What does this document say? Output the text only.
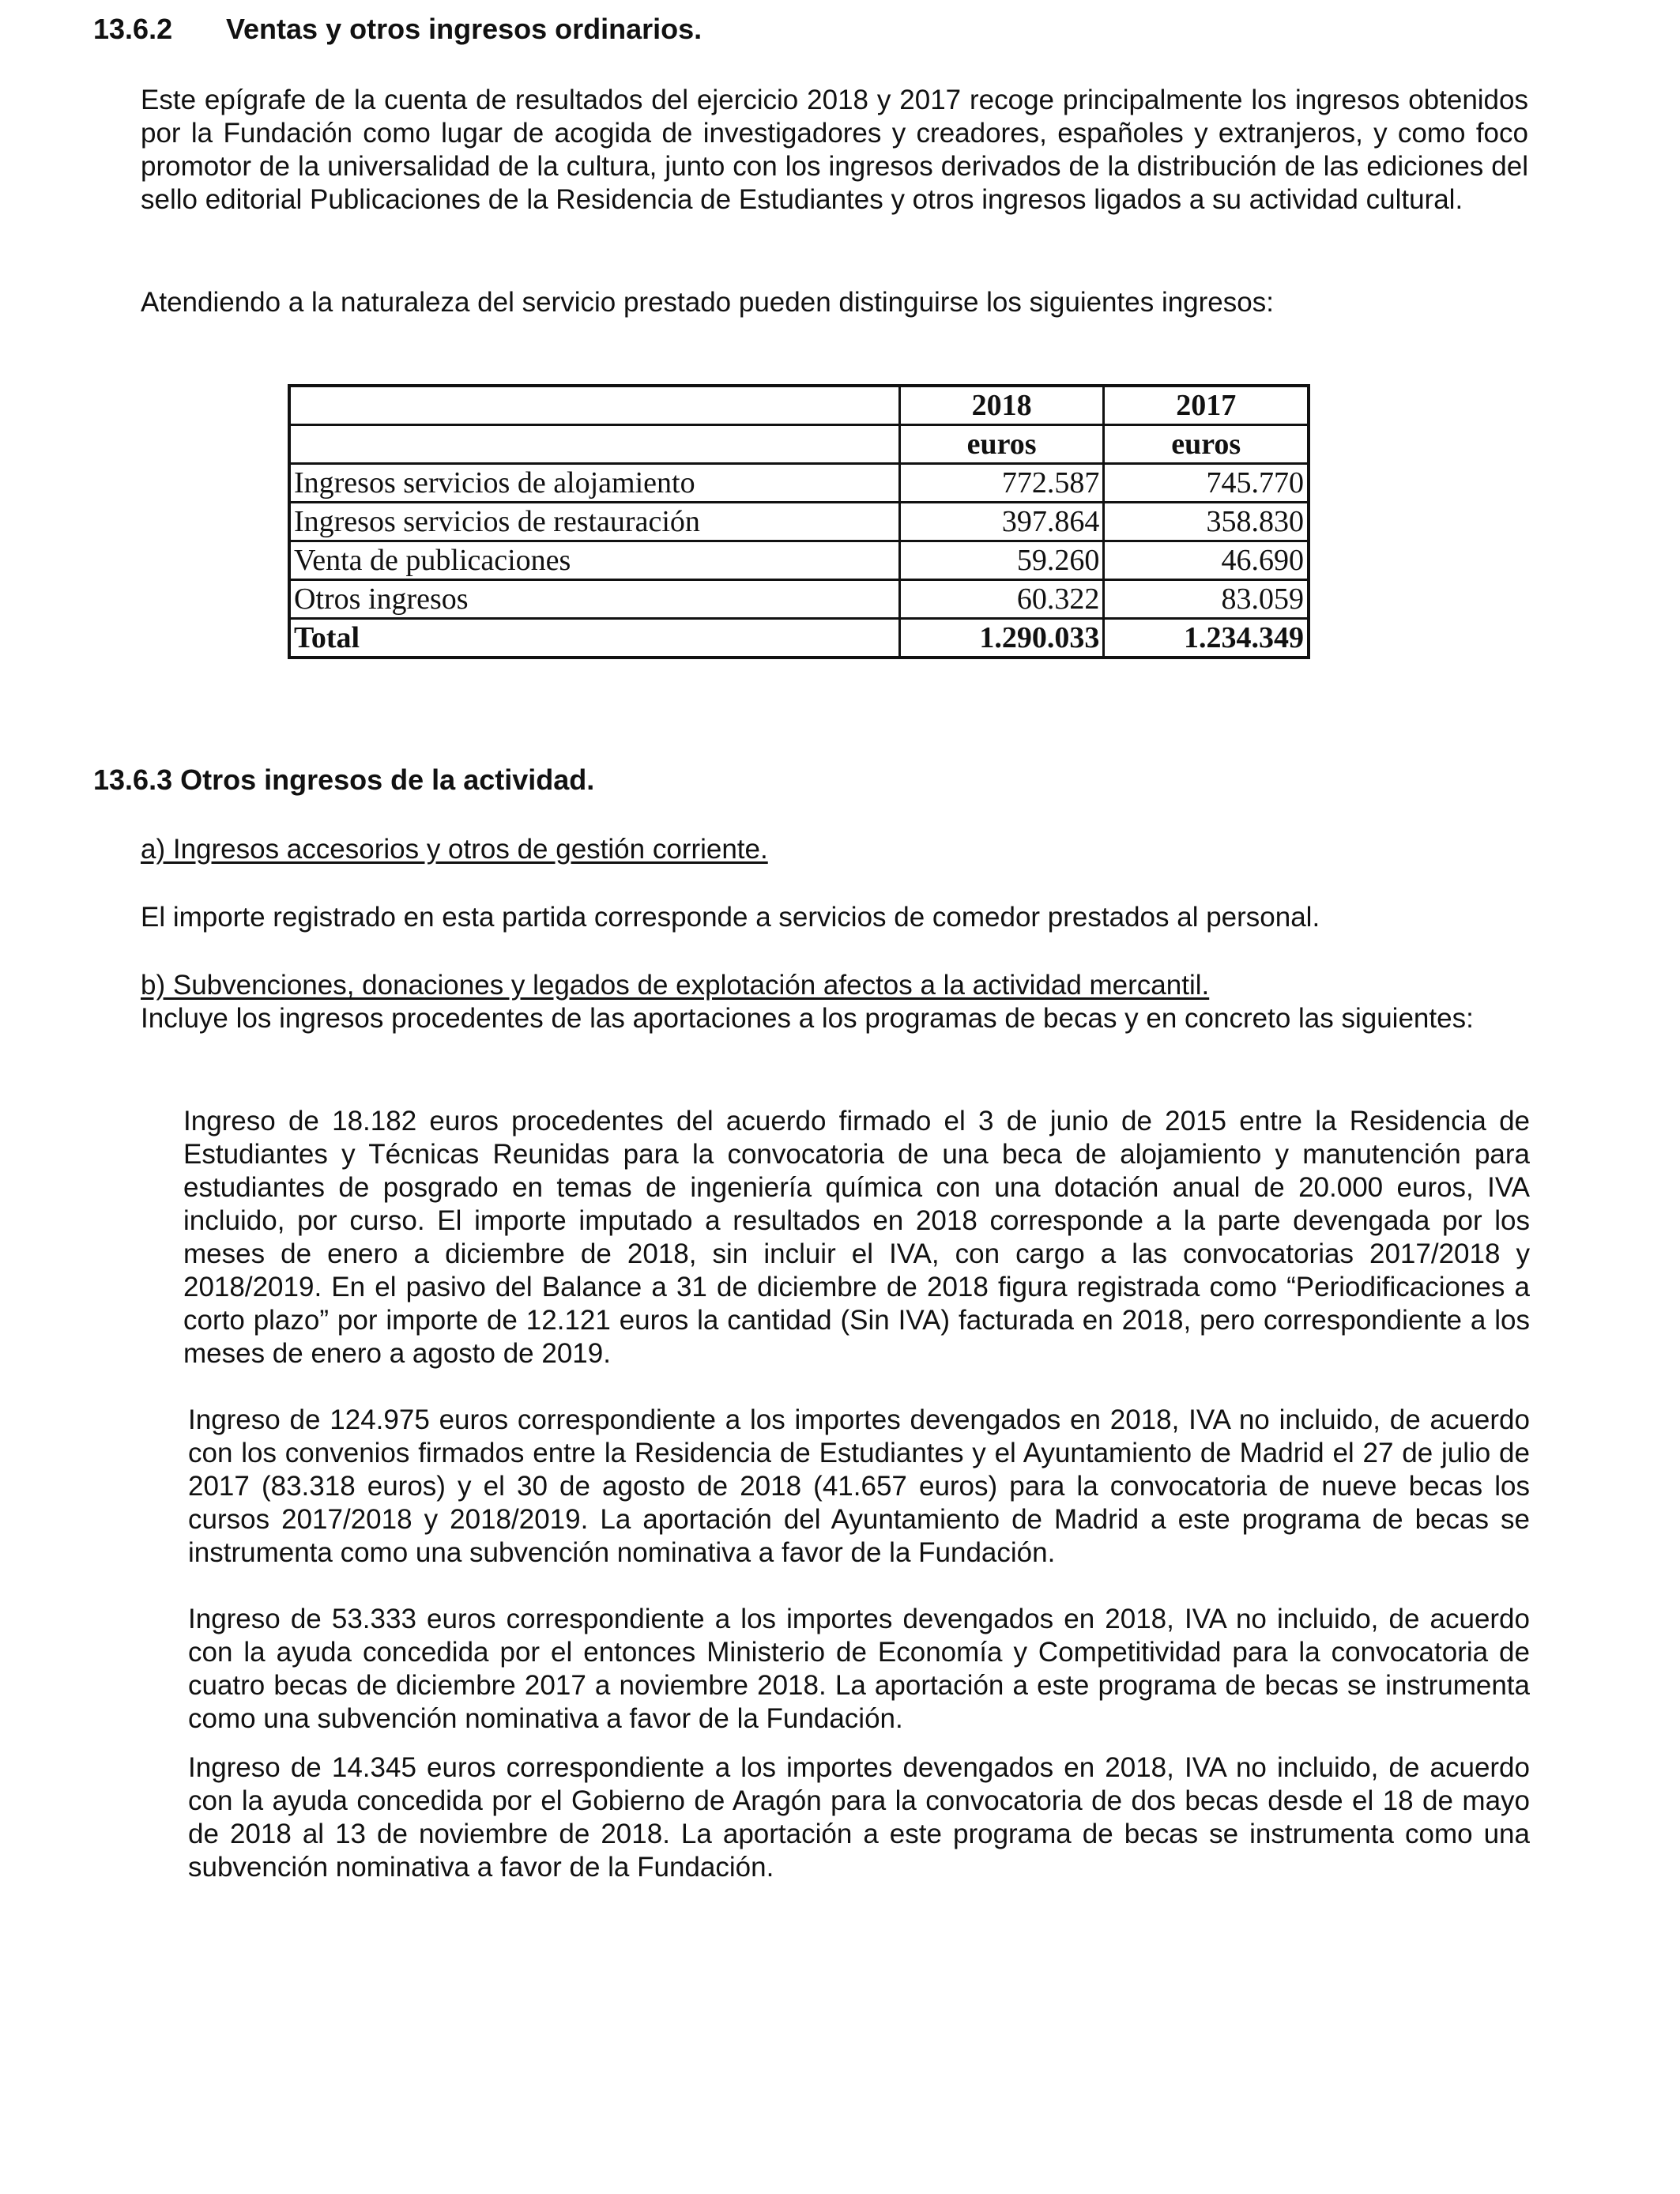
13.6.2 Ventas y otros ingresos ordinarios.
Este epígrafe de la cuenta de resultados del ejercicio 2018 y 2017 recoge principalmente los ingresos obtenidos por la Fundación como lugar de acogida de investigadores y creadores, españoles y extranjeros, y como foco promotor de la universalidad de la cultura, junto con los ingresos derivados de la distribución de las ediciones del sello editorial Publicaciones de la Residencia de Estudiantes y otros ingresos ligados a su actividad cultural.
Atendiendo a la naturaleza del servicio prestado pueden distinguirse los siguientes ingresos:
	2018	2017
	euros	euros
Ingresos servicios de alojamiento	772.587	745.770
Ingresos servicios de restauración	397.864	358.830
Venta de publicaciones	59.260	46.690
Otros ingresos	60.322	83.059
Total	1.290.033	1.234.349
13.6.3 Otros ingresos de la actividad.
a) Ingresos accesorios y otros de gestión corriente.
El importe registrado en esta partida corresponde a servicios de comedor prestados al personal.
b) Subvenciones, donaciones y legados de explotación afectos a la actividad mercantil.
Incluye los ingresos procedentes de las aportaciones a los programas de becas y en concreto las siguientes:
Ingreso de 18.182 euros procedentes del acuerdo firmado el 3 de junio de 2015 entre la Residencia de Estudiantes y Técnicas Reunidas para la convocatoria de una beca de alojamiento y manutención para estudiantes de posgrado en temas de ingeniería química con una dotación anual de 20.000 euros, IVA incluido, por curso. El importe imputado a resultados en 2018 corresponde a la parte devengada por los meses de enero a diciembre de 2018, sin incluir el IVA, con cargo a las convocatorias 2017/2018 y 2018/2019. En el pasivo del Balance a 31 de diciembre de 2018 figura registrada como “Periodificaciones a corto plazo” por importe de 12.121 euros la cantidad (Sin IVA) facturada en 2018, pero correspondiente a los meses de enero a agosto de 2019.
Ingreso de 124.975 euros correspondiente a los importes devengados en 2018, IVA no incluido, de acuerdo con los convenios firmados entre la Residencia de Estudiantes y el Ayuntamiento de Madrid el 27 de julio de 2017 (83.318 euros) y el 30 de agosto de 2018 (41.657 euros) para la convocatoria de nueve becas los cursos 2017/2018 y 2018/2019. La aportación del Ayuntamiento de Madrid a este programa de becas se instrumenta como una subvención nominativa a favor de la Fundación.
Ingreso de 53.333 euros correspondiente a los importes devengados en 2018, IVA no incluido, de acuerdo con la ayuda concedida por el entonces Ministerio de Economía y Competitividad para la convocatoria de cuatro becas de diciembre 2017 a noviembre 2018. La aportación a este programa de becas se instrumenta como una subvención nominativa a favor de la Fundación.
Ingreso de 14.345 euros correspondiente a los importes devengados en 2018, IVA no incluido, de acuerdo con la ayuda concedida por el Gobierno de Aragón para la convocatoria de dos becas desde el 18 de mayo de 2018 al 13 de noviembre de 2018. La aportación a este programa de becas se instrumenta como una subvención nominativa a favor de la Fundación.
